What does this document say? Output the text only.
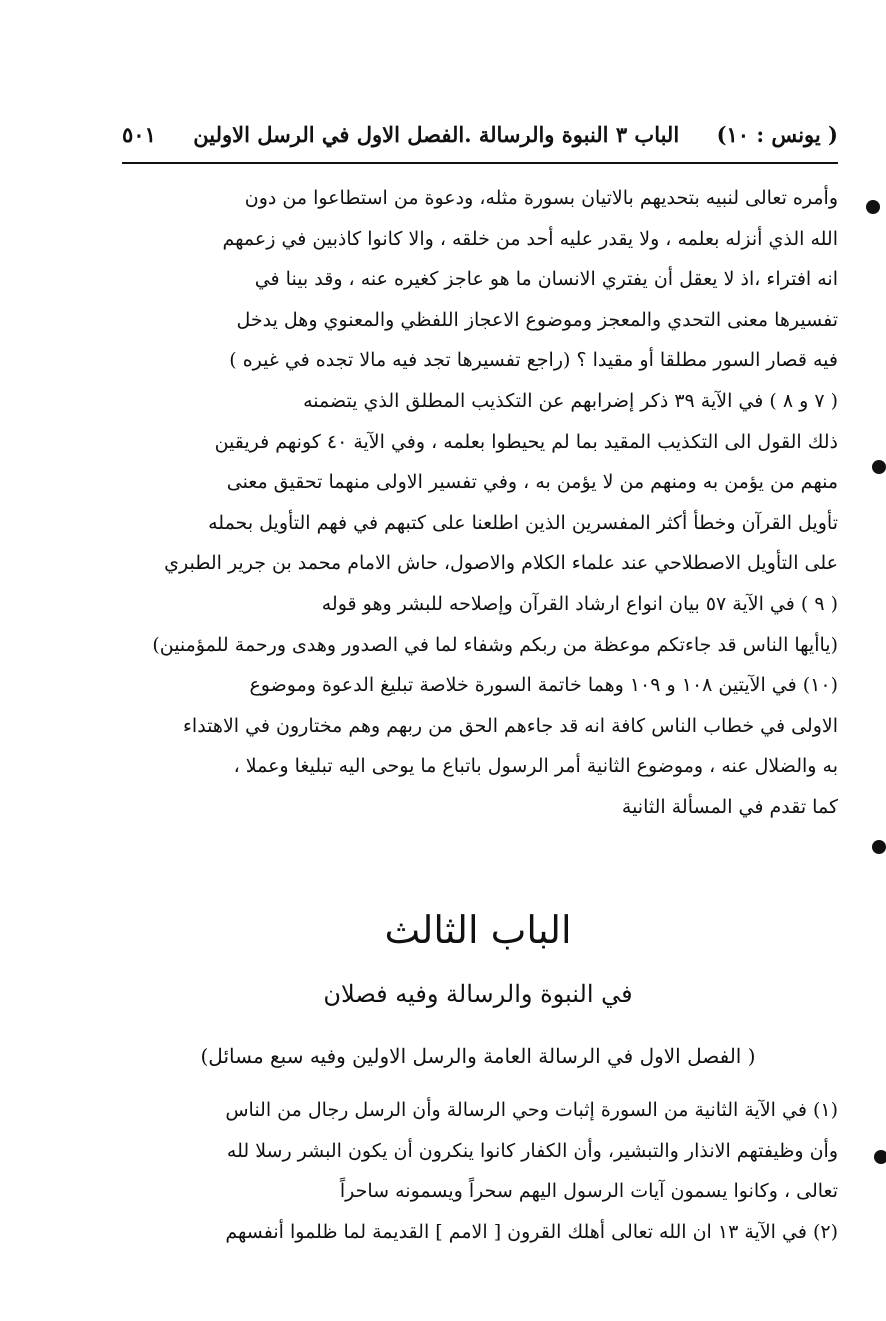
( يونس : ١٠)
الباب ٣ النبوة والرسالة .الفصل الاول في الرسل الاولين
٥٠١
وأمره تعالى لنبيه بتحديهم بالاتيان بسورة مثله، ودعوة من استطاعوا من دون
الله الذي أنزله بعلمه ، ولا يقدر عليه أحد من خلقه ، والا كانوا كاذبين في زعمهم
انه افتراء ،اذ لا يعقل أن يفتري الانسان ما هو عاجز كغيره عنه ، وقد بينا في
تفسيرها معنى التحدي والمعجز وموضوع الاعجاز اللفظي والمعنوي وهل يدخل
فيه قصار السور مطلقا أو مقيدا ؟ (راجع تفسيرها تجد فيه مالا تجده في غيره )
( ٧ و ٨ ) في الآية ٣٩ ذكر إضرابهم عن التكذيب المطلق الذي يتضمنه
ذلك القول الى التكذيب المقيد بما لم يحيطوا بعلمه ، وفي الآية ٤٠ كونهم فريقين
منهم من يؤمن به ومنهم من لا يؤمن به ، وفي تفسير الاولى منهما تحقيق معنى
تأويل القرآن وخطأ أكثر المفسرين الذين اطلعنا على كتبهم في فهم التأويل بحمله
على التأويل الاصطلاحي عند علماء الكلام والاصول، حاش الامام محمد بن جرير الطبري
( ٩ ) في الآية ٥٧ بيان انواع ارشاد القرآن وإصلاحه للبشر وهو قوله
(ياأيها الناس قد جاءتكم موعظة من ربكم وشفاء لما في الصدور وهدى ورحمة للمؤمنين)
(١٠) في الآيتين ١٠٨ و ١٠٩ وهما خاتمة السورة خلاصة تبليغ الدعوة وموضوع
الاولى في خطاب الناس كافة انه قد جاءهم الحق من ربهم وهم مختارون في الاهتداء
به والضلال عنه ، وموضوع الثانية أمر الرسول باتباع ما يوحى اليه تبليغا وعملا ،
كما تقدم في المسألة الثانية
الباب الثالث
في النبوة والرسالة وفيه فصلان
( الفصل الاول في الرسالة العامة والرسل الاولين وفيه سبع مسائل)
(١) في الآية الثانية من السورة إثبات وحي الرسالة وأن الرسل رجال من الناس
وأن وظيفتهم الانذار والتبشير، وأن الكفار كانوا ينكرون أن يكون البشر رسلا لله
تعالى ، وكانوا يسمون آيات الرسول اليهم سحراً ويسمونه ساحراً
(٢) في الآية ١٣ ان الله تعالى أهلك القرون [ الامم ] القديمة لما ظلموا أنفسهم
